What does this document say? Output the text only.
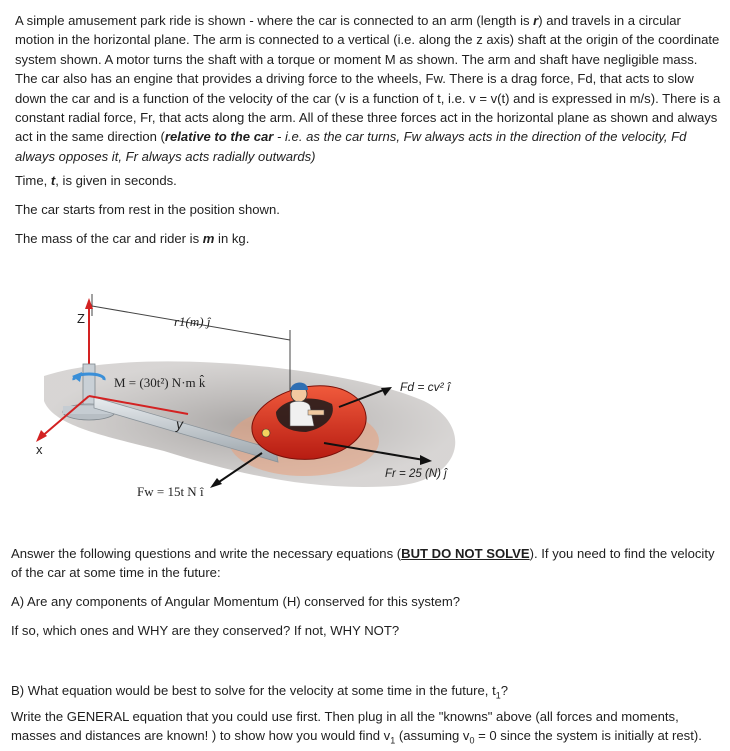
A simple amusement park ride is shown - where the car is connected to an arm (length is r) and travels in a circular motion in the horizontal plane. The arm is connected to a vertical (i.e. along the z axis) shaft at the origin of the coordinate system shown. A motor turns the shaft with a torque or moment M as shown. The arm and shaft have negligible mass. The car also has an engine that provides a driving force to the wheels, Fw. There is a drag force, Fd, that acts to slow down the car and is a function of the velocity of the car (v is a function of t, i.e. v = v(t) and is expressed in m/s). There is a constant radial force, Fr, that acts along the arm. All of these three forces act in the horizontal plane as shown and always act in the same direction (relative to the car - i.e. as the car turns, Fw always acts in the direction of the velocity, Fd always opposes it, Fr always acts radially outwards)

Time, t, is given in seconds.

The car starts from rest in the position shown.

The mass of the car and rider is m in kg.

Z
x
y
r1(m) ĵ
M = (30t²) N·m k̂	Fd = cv² î
Fr = 25 (N) ĵ
Fw = 15t N î

Answer the following questions and write the necessary equations (BUT DO NOT SOLVE). If you need to find the velocity of the car at some time in the future:

A) Are any components of Angular Momentum (H) conserved for this system?

If so, which ones and WHY are they conserved? If not, WHY NOT?

B) What equation would be best to solve for the velocity at some time in the future, $t_1$?

Write the GENERAL equation that you could use first. Then plug in all the "knowns" above (all forces and moments, masses and distances are known! ) to show how you would find $v_1$ (assuming $v_0 = 0$ since the system is initially at rest).
